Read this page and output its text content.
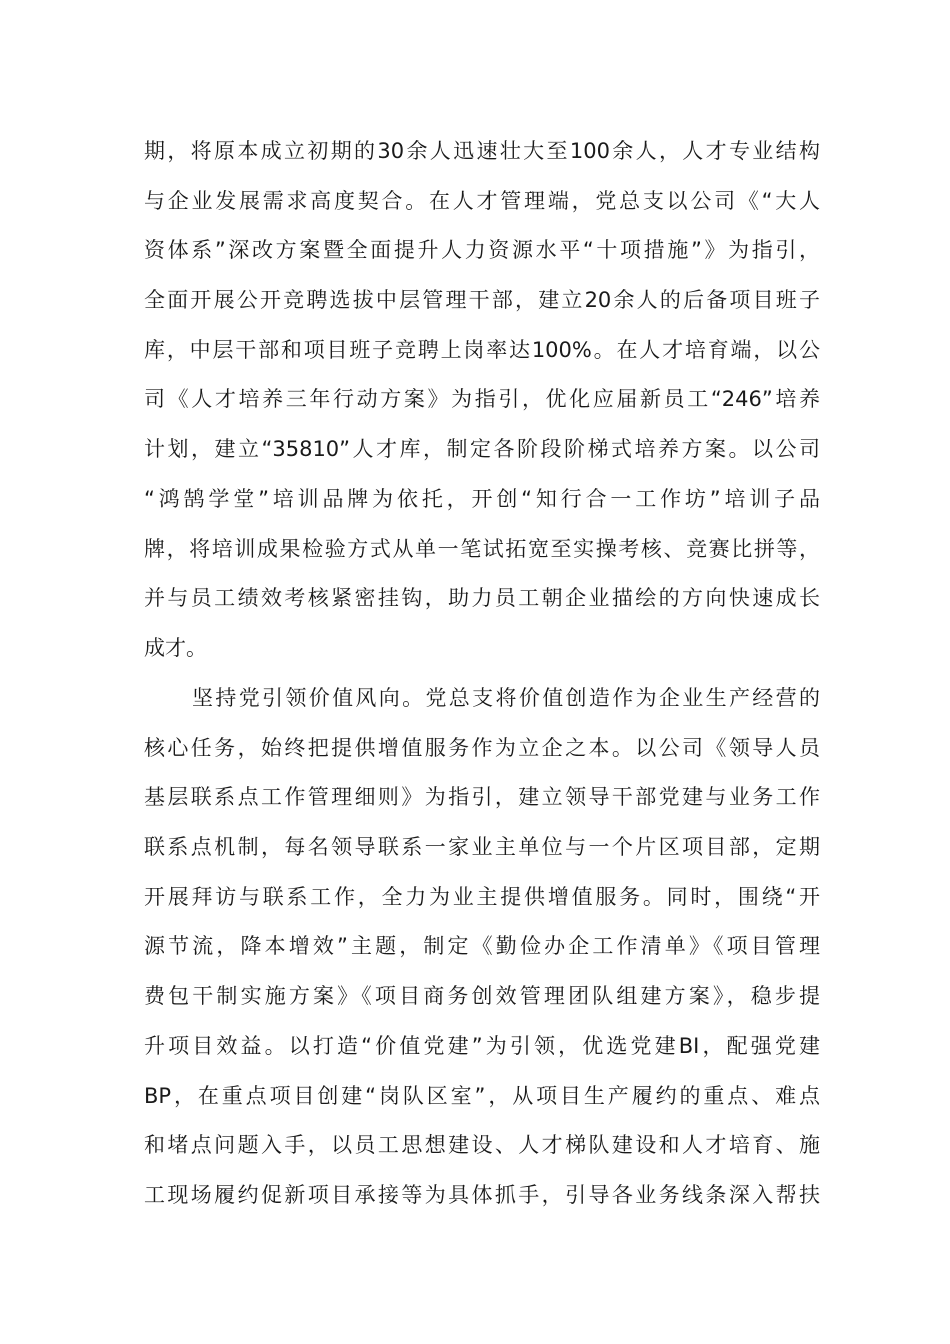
期，将原本成立初期的30余人迅速壮大至100余人，人才专业结构
与企业发展需求高度契合。在人才管理端，党总支以公司《“大人
资体系”深改方案暨全面提升人力资源水平“十项措施”》为指引，
全面开展公开竞聘选拔中层管理干部，建立20余人的后备项目班子
库，中层干部和项目班子竞聘上岗率达100%。在人才培育端，以公
司《人才培养三年行动方案》为指引，优化应届新员工“246”培养
计划，建立“35810”人才库，制定各阶段阶梯式培养方案。以公司
“鸿鹄学堂”培训品牌为依托，开创“知行合一工作坊”培训子品
牌，将培训成果检验方式从单一笔试拓宽至实操考核、竞赛比拼等，
并与员工绩效考核紧密挂钩，助力员工朝企业描绘的方向快速成长
成才。
坚持党引领价值风向。党总支将价值创造作为企业生产经营的
核心任务，始终把提供增值服务作为立企之本。以公司《领导人员
基层联系点工作管理细则》为指引，建立领导干部党建与业务工作
联系点机制，每名领导联系一家业主单位与一个片区项目部，定期
开展拜访与联系工作，全力为业主提供增值服务。同时，围绕“开
源节流，降本增效”主题，制定《勤俭办企工作清单》《项目管理
费包干制实施方案》《项目商务创效管理团队组建方案》，稳步提
升项目效益。以打造“价值党建”为引领，优选党建BI，配强党建
BP，在重点项目创建“岗队区室”，从项目生产履约的重点、难点
和堵点问题入手，以员工思想建设、人才梯队建设和人才培育、施
工现场履约促新项目承接等为具体抓手，引导各业务线条深入帮扶
